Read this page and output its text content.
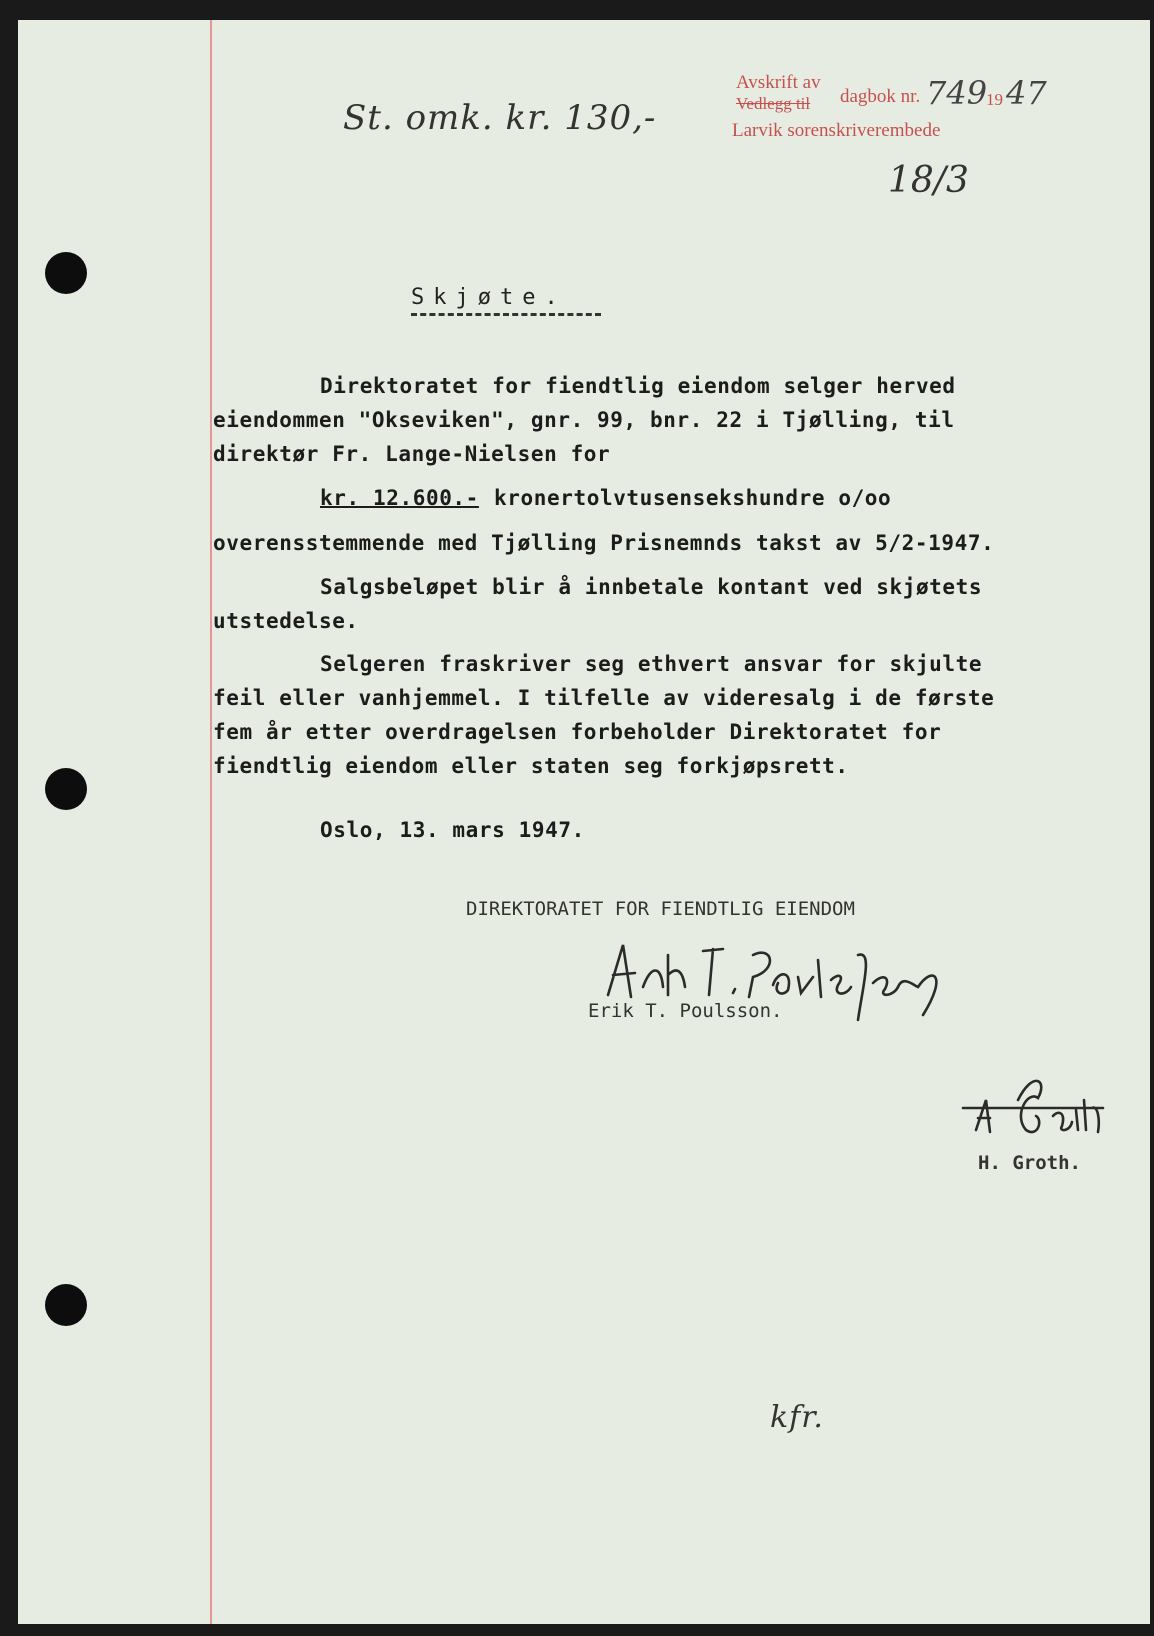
St. omk. kr. 130,-
Avskrift av
Vedlegg til dagbok nr. 749
19 47
Larvik sorenskriverembede
18/3
Skjøte.
Direktoratet for fiendtlig eiendom selger herved
eiendommen "Okseviken", gnr. 99, bnr. 22 i Tjølling, til
direktør Fr. Lange-Nielsen for
kr. 12.600.- kronertolvtusensekshundre o/oo
overensstemmende med Tjølling Prisnemnds takst av 5/2-1947.
Salgsbeløpet blir å innbetale kontant ved skjøtets
utstedelse.
Selgeren fraskriver seg ethvert ansvar for skjulte
feil eller vanhjemmel. I tilfelle av videresalg i de første
fem år etter overdragelsen forbeholder Direktoratet for
fiendtlig eiendom eller staten seg forkjøpsrett.
Oslo, 13. mars 1947.
DIREKTORATET FOR FIENDTLIG EIENDOM
Erik T. Poulsson.
H. Groth.
kfr.
